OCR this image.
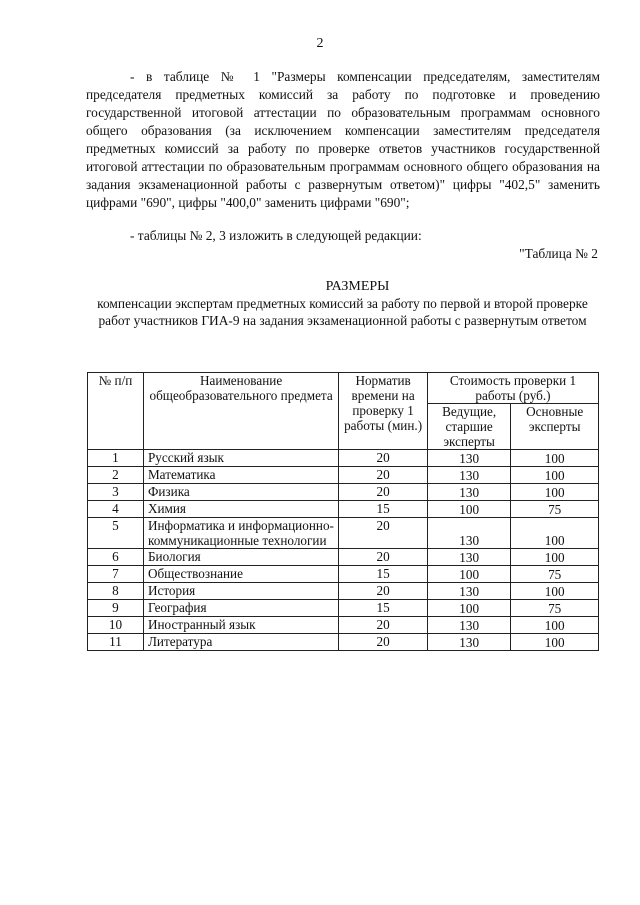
2

- в таблице № 1 "Размеры компенсации председателям, заместителям председателя предметных комиссий за работу по подготовке и проведению государственной итоговой аттестации по образовательным программам основного общего образования (за исключением компенсации заместителям председателя предметных комиссий за работу по проверке ответов участников государственной итоговой аттестации по образовательным программам основного общего образования на задания экзаменационной работы с развернутым ответом)" цифры "402,5" заменить цифрами "690", цифры "400,0" заменить цифрами "690";

- таблицы № 2, 3 изложить в следующей редакции:

"Таблица № 2
РАЗМЕРЫ
компенсации экспертам предметных комиссий за работу по первой и второй проверке работ участников ГИА-9 на задания экзаменационной работы с развернутым ответом
№ п/п	Наименование общеобразовательного предмета	Норматив времени на проверку 1 работы (мин.)	Стоимость проверки 1 работы (руб.)	
			Ведущие, старшие эксперты	Основные эксперты
1	Русский язык	20	130	100
2	Математика	20	130	100
3	Физика	20	130	100
4	Химия	15	100	75
5	Информатика и информационно-коммуникационные технологии	20	130	100
6	Биология	20	130	100
7	Обществознание	15	100	75
8	История	20	130	100
9	География	15	100	75
10	Иностранный язык	20	130	100
11	Литература	20	130	100
